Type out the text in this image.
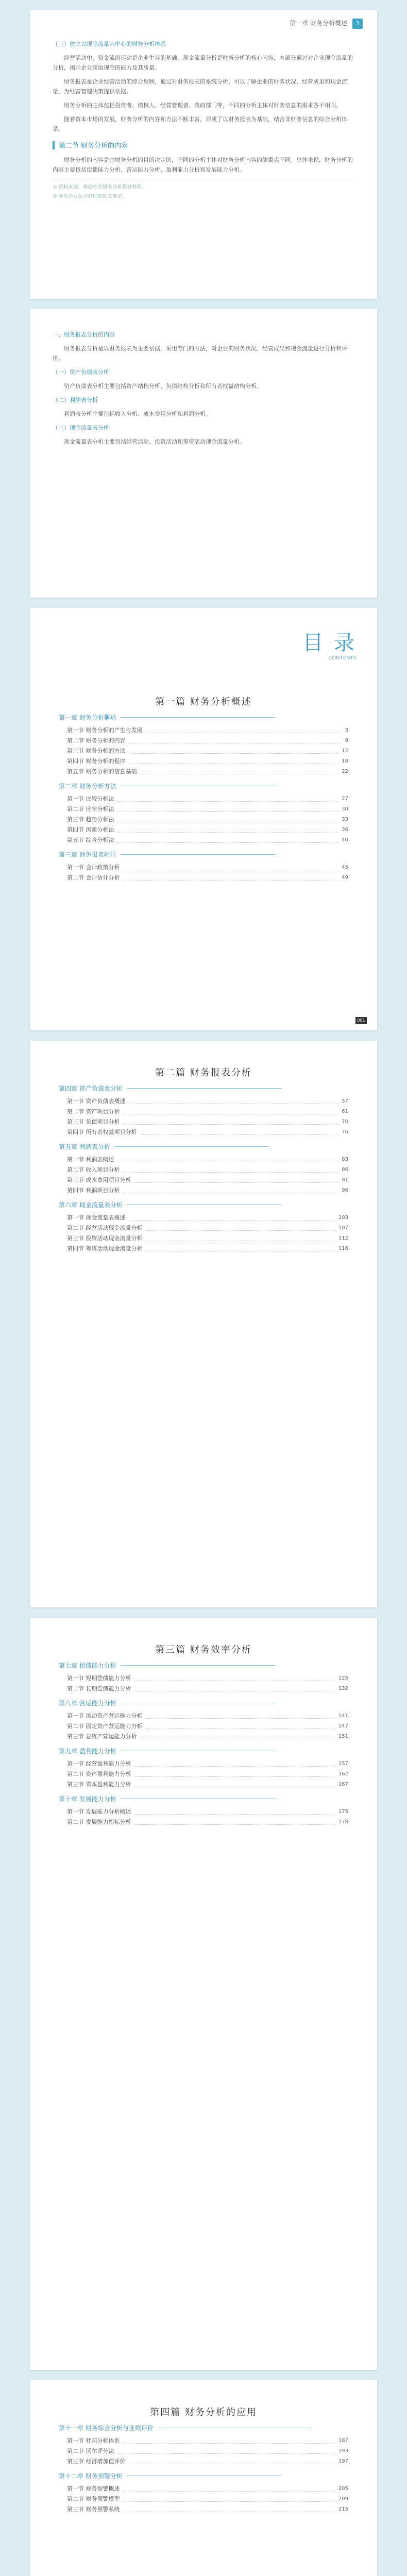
第一章 财务分析概述 3

（三）建立以现金流量为中心的财务分析体系

经营活动中，资金流的运动是企业生存的基础，现金流量分析是财务分析的核心内容，本部分通过对企业现金流量的分析，揭示企业获取现金的能力及其质量。

财务报表是企业经营活动的综合反映，通过对财务报表的系统分析，可以了解企业的财务状况、经营成果和现金流量，为经营管理决策提供依据。

财务分析的主体包括投资者、债权人、经营管理者、政府部门等，不同的分析主体对财务信息的需求各不相同。

随着资本市场的发展，财务分析的内容和方法不断丰富，形成了以财务报表为基础，结合非财务信息的综合分析体系。

第二节 财务分析的内容

财务分析的内容是由财务分析的目的决定的，不同的分析主体对财务分析内容的侧重点不同。总体来说，财务分析的内容主要包括偿债能力分析、营运能力分析、盈利能力分析和发展能力分析。

① 资料来源：根据相关财务分析教材整理。

② 参见企业会计准则的相关规定。

一、财务报表分析的内容

财务报表分析是以财务报表为主要依据，采用专门的方法，对企业的财务状况、经营成果和现金流量进行分析和评价。

（一）资产负债表分析

资产负债表分析主要包括资产结构分析、负债结构分析和所有者权益结构分析。

（二）利润表分析

利润表分析主要包括收入分析、成本费用分析和利润分析。

（三）现金流量表分析

现金流量表分析主要包括经营活动、投资活动和筹资活动现金流量分析。

目 录
CONTENTS
第一篇 财务分析概述
第一章 财务分析概述
第一节 财务分析的产生与发展	3
第二节 财务分析的内容	8
第三节 财务分析的方法	12
第四节 财务分析的程序	18
第五节 财务分析的信息基础	22
第二章 财务分析方法
第一节 比较分析法	27
第二节 比率分析法	30
第三节 趋势分析法	33
第四节 因素分析法	36
第五节 综合分析法	40
第三章 财务报表附注
第一节 会计政策分析	45
第二节 会计估计分析	49
001
第二篇 财务报表分析
第四章 资产负债表分析
第一节 资产负债表概述	57
第二节 资产项目分析	61
第三节 负债项目分析	70
第四节 所有者权益项目分析	76
第五章 利润表分析
第一节 利润表概述	83
第二节 收入项目分析	86
第三节 成本费用项目分析	91
第四节 利润项目分析	96
第六章 现金流量表分析
第一节 现金流量表概述	103
第二节 经营活动现金流量分析	107
第三节 投资活动现金流量分析	112
第四节 筹资活动现金流量分析	116
第三篇 财务效率分析
第七章 偿债能力分析
第一节 短期偿债能力分析	125
第二节 长期偿债能力分析	132
第八章 营运能力分析
第一节 流动资产营运能力分析	141
第二节 固定资产营运能力分析	147
第三节 总资产营运能力分析	151
第九章 盈利能力分析
第一节 经营盈利能力分析	157
第二节 资产盈利能力分析	162
第三节 资本盈利能力分析	167
第十章 发展能力分析
第一节 发展能力分析概述	175
第二节 发展能力指标分析	178
第四篇 财务分析的应用
第十一章 财务综合分析与业绩评价
第一节 杜邦分析体系	187
第二节 沃尔评分法	193
第三节 经济增加值评价	197
第十二章 财务预警分析
第一节 财务预警概述	205
第二节 财务预警模型	209
第三节 财务预警系统	215
